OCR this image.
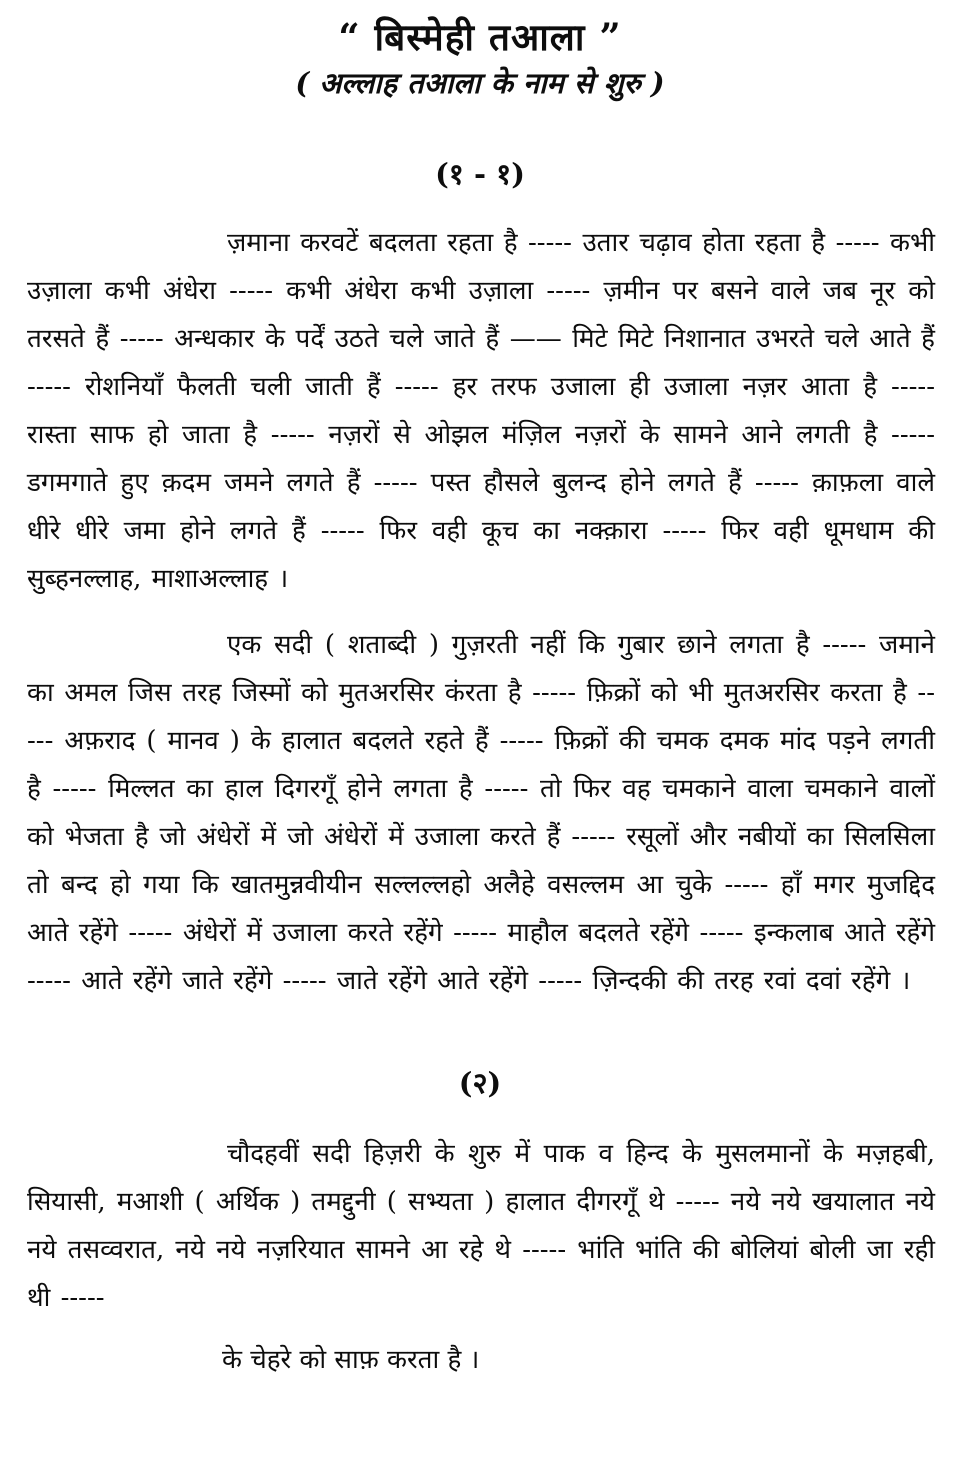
“ बिस्मेही तआला ”
( अल्लाह तआला के नाम से शुरु )
(१ - १)

ज़माना करवटें बदलता रहता है ----- उतार चढ़ाव होता रहता है ----- कभी उज़ाला कभी अंधेरा ----- कभी अंधेरा कभी उज़ाला ----- ज़मीन पर बसने वाले जब नूर को तरसते हैं ----- अन्धकार के पर्दें उठते चले जाते हैं —— मिटे मिटे निशानात उभरते चले आते हैं ----- रोशनियाँ फैलती चली जाती हैं ----- हर तरफ उजाला ही उजाला नज़र आता है ----- रास्ता साफ हो जाता है ----- नज़रों से ओझल मंज़िल नज़रों के सामने आने लगती है ----- डगमगाते हुए क़दम जमने लगते हैं ----- पस्त हौसले बुलन्द होने लगते हैं ----- क़ाफ़ला वाले धीरे धीरे जमा होने लगते हैं ----- फिर वही कूच का नक्क़ारा ----- फिर वही धूमधाम की सुब्हनल्लाह, माशाअल्लाह ।

एक सदी ( शताब्दी ) गुज़रती नहीं कि गुबार छाने लगता है ----- जमाने का अमल जिस तरह जिस्मों को मुतअरसिर कंरता है ----- फ़िक्रों को भी मुतअरसिर करता है ----- अफ़राद ( मानव ) के हालात बदलते रहते हैं ----- फ़िक्रों की चमक दमक मांद पड़ने लगती है ----- मिल्लत का हाल दिगरगूँ होने लगता है ----- तो फिर वह चमकाने वाला चमकाने वालों को भेजता है जो अंधेरों में जो अंधेरों में उजाला करते हैं ----- रसूलों और नबीयों का सिलसिला तो बन्द हो गया कि खातमुन्नवीयीन सल्लल्लहो अलैहे वसल्लम आ चुके ----- हाँ मगर मुजद्दिद आते रहेंगे ----- अंधेरों में उजाला करते रहेंगे ----- माहौल बदलते रहेंगे ----- इन्कलाब आते रहेंगे ----- आते रहेंगे जाते रहेंगे ----- जाते रहेंगे आते रहेंगे ----- ज़िन्दकी की तरह रवां दवां रहेंगे ।

(२)

चौदहवीं सदी हिज़री के शुरु में पाक व हिन्द के मुसलमानों के मज़हबी, सियासी, मआशी ( अर्थिक ) तमद्दुनी ( सभ्यता ) हालात दीगरगूँ थे ----- नये नये खयालात नये नये तसव्वरात, नये नये नज़रियात सामने आ रहे थे ----- भांति भांति की बोलियां बोली जा रही थी -----

के चेहरे को साफ़ करता है ।
